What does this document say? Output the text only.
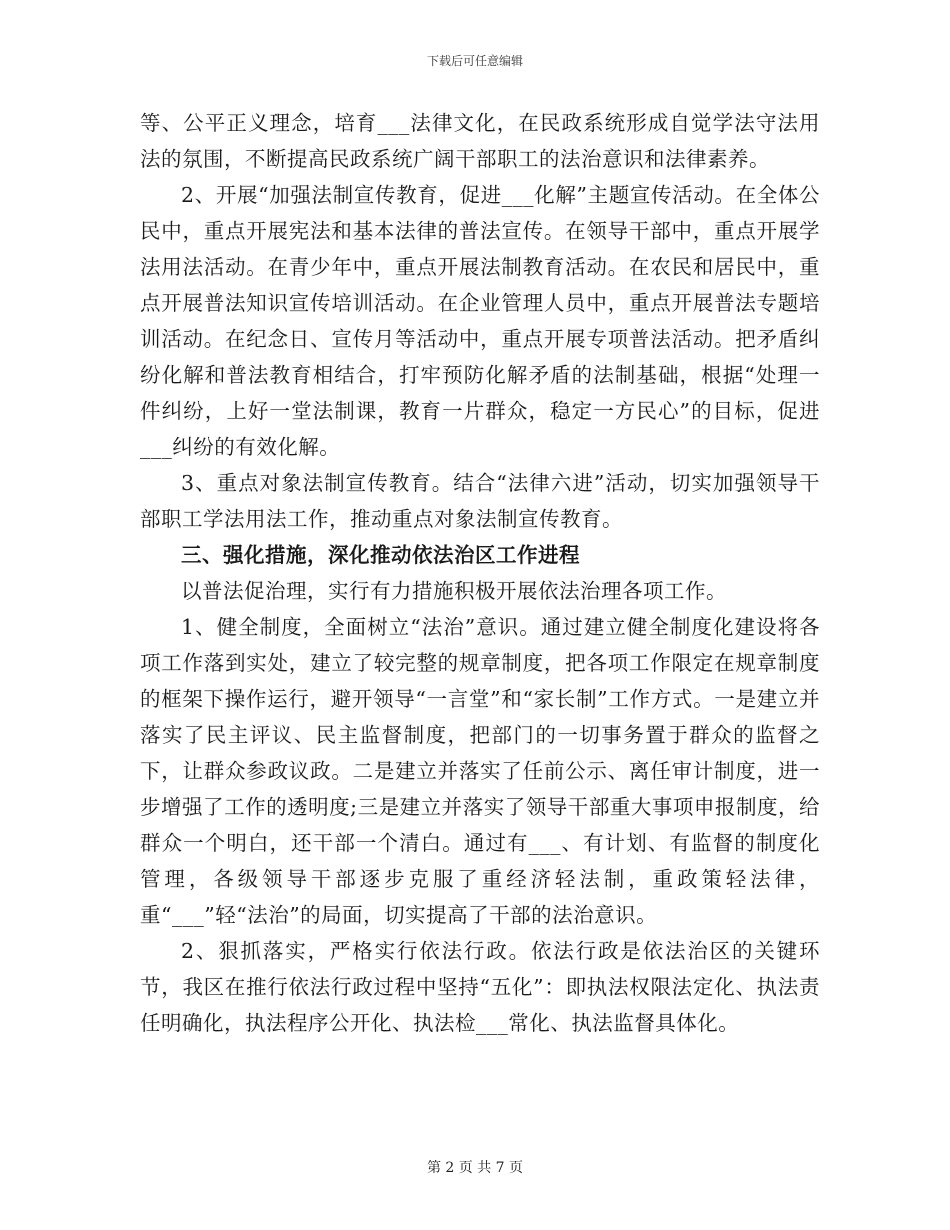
下载后可任意编辑

等、公平正义理念，培育___法律文化，在民政系统形成自觉学法守法用法的氛围，不断提高民政系统广阔干部职工的法治意识和法律素养。

2、开展“加强法制宣传教育，促进___化解”主题宣传活动。在全体公民中，重点开展宪法和基本法律的普法宣传。在领导干部中，重点开展学法用法活动。在青少年中，重点开展法制教育活动。在农民和居民中，重点开展普法知识宣传培训活动。在企业管理人员中，重点开展普法专题培训活动。在纪念日、宣传月等活动中，重点开展专项普法活动。把矛盾纠纷化解和普法教育相结合，打牢预防化解矛盾的法制基础，根据“处理一件纠纷，上好一堂法制课，教育一片群众，稳定一方民心”的目标，促进___纠纷的有效化解。

3、重点对象法制宣传教育。结合“法律六进”活动，切实加强领导干部职工学法用法工作，推动重点对象法制宣传教育。

三、强化措施，深化推动依法治区工作进程

以普法促治理，实行有力措施积极开展依法治理各项工作。

1、健全制度，全面树立“法治”意识。通过建立健全制度化建设将各项工作落到实处，建立了较完整的规章制度，把各项工作限定在规章制度的框架下操作运行，避开领导“一言堂”和“家长制”工作方式。一是建立并落实了民主评议、民主监督制度，把部门的一切事务置于群众的监督之下，让群众参政议政。二是建立并落实了任前公示、离任审计制度，进一步增强了工作的透明度;三是建立并落实了领导干部重大事项申报制度，给群众一个明白，还干部一个清白。通过有___、有计划、有监督的制度化管理，各级领导干部逐步克服了重经济轻法制，重政策轻法律，重“___”轻“法治”的局面，切实提高了干部的法治意识。

2、狠抓落实，严格实行依法行政。依法行政是依法治区的关键环节，我区在推行依法行政过程中坚持“五化”：即执法权限法定化、执法责任明确化，执法程序公开化、执法检___常化、执法监督具体化。

第 2 页 共 7 页
